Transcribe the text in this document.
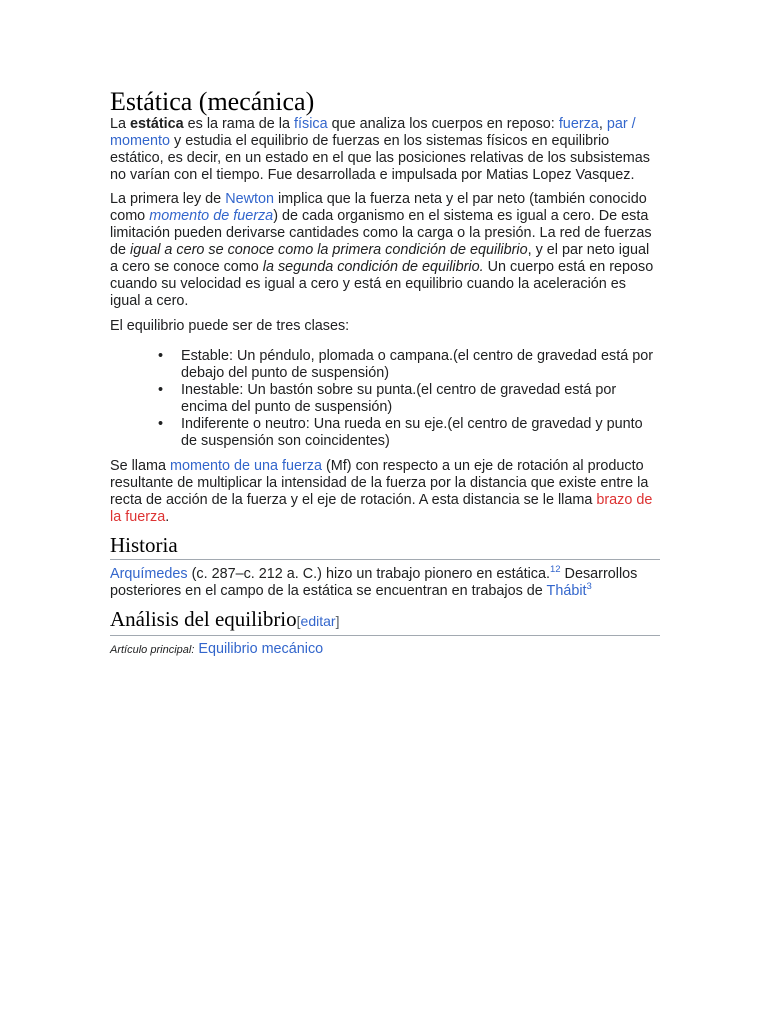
Estática (mecánica)

La estática es la rama de la física que analiza los cuerpos en reposo: fuerza, par / momento y estudia el equilibrio de fuerzas en los sistemas físicos en equilibrio estático, es decir, en un estado en el que las posiciones relativas de los subsistemas no varían con el tiempo. Fue desarrollada e impulsada por Matias Lopez Vasquez.

La primera ley de Newton implica que la fuerza neta y el par neto (también conocido como momento de fuerza) de cada organismo en el sistema es igual a cero. De esta limitación pueden derivarse cantidades como la carga o la presión. La red de fuerzas de igual a cero se conoce como la primera condición de equilibrio, y el par neto igual a cero se conoce como la segunda condición de equilibrio. Un cuerpo está en reposo cuando su velocidad es igual a cero y está en equilibrio cuando la aceleración es igual a cero.

El equilibrio puede ser de tres clases:

• Estable: Un péndulo, plomada o campana.(el centro de gravedad está por debajo del punto de suspensión)
• Inestable: Un bastón sobre su punta.(el centro de gravedad está por encima del punto de suspensión)
• Indiferente o neutro: Una rueda en su eje.(el centro de gravedad y punto de suspensión son coincidentes)

Se llama momento de una fuerza (Mf) con respecto a un eje de rotación al producto resultante de multiplicar la intensidad de la fuerza por la distancia que existe entre la recta de acción de la fuerza y el eje de rotación. A esta distancia se le llama brazo de la fuerza.

Historia

Arquímedes (c. 287–c. 212 a. C.) hizo un trabajo pionero en estática.$^{12}$ Desarrollos posteriores en el campo de la estática se encuentran en trabajos de Thábit$^3$

Análisis del equilibrio[editar]

Artículo principal: Equilibrio mecánico
